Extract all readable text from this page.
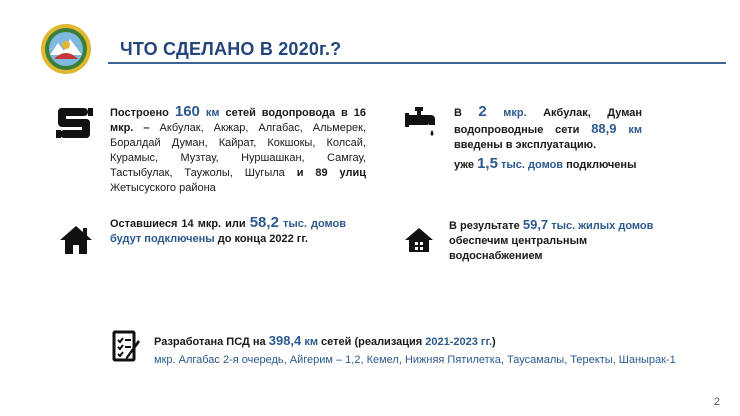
ЧТО СДЕЛАНО В 2020г.?
Построено 160 км сетей водопровода в 16 мкр. – Акбулак, Акжар, Алгабас, Альмерек, Боралдай Думан, Кайрат, Кокшокы, Колсай, Курамыс, Музтау, Нуршашкан, Самгау, Тастыбулак, Таужолы, Шугыла и 89 улиц Жетысуского района
В 2 мкр. Акбулак, Думан водопроводные сети 88,9 км введены в эксплуатацию.
уже 1,5 тыс. домов подключены
Оставшиеся 14 мкр. или 58,2 тыс. домов будут подключены до конца 2022 гг.
В результате 59,7 тыс. жилых домов обеспечим центральным водоснабжением
Разработана ПСД на 398,4 км сетей (реализация 2021-2023 гг.)
мкр. Алгабас 2-я очередь, Айгерим – 1,2, Кемел, Нижняя Пятилетка, Таусамалы, Теректы, Шанырак-1
2
